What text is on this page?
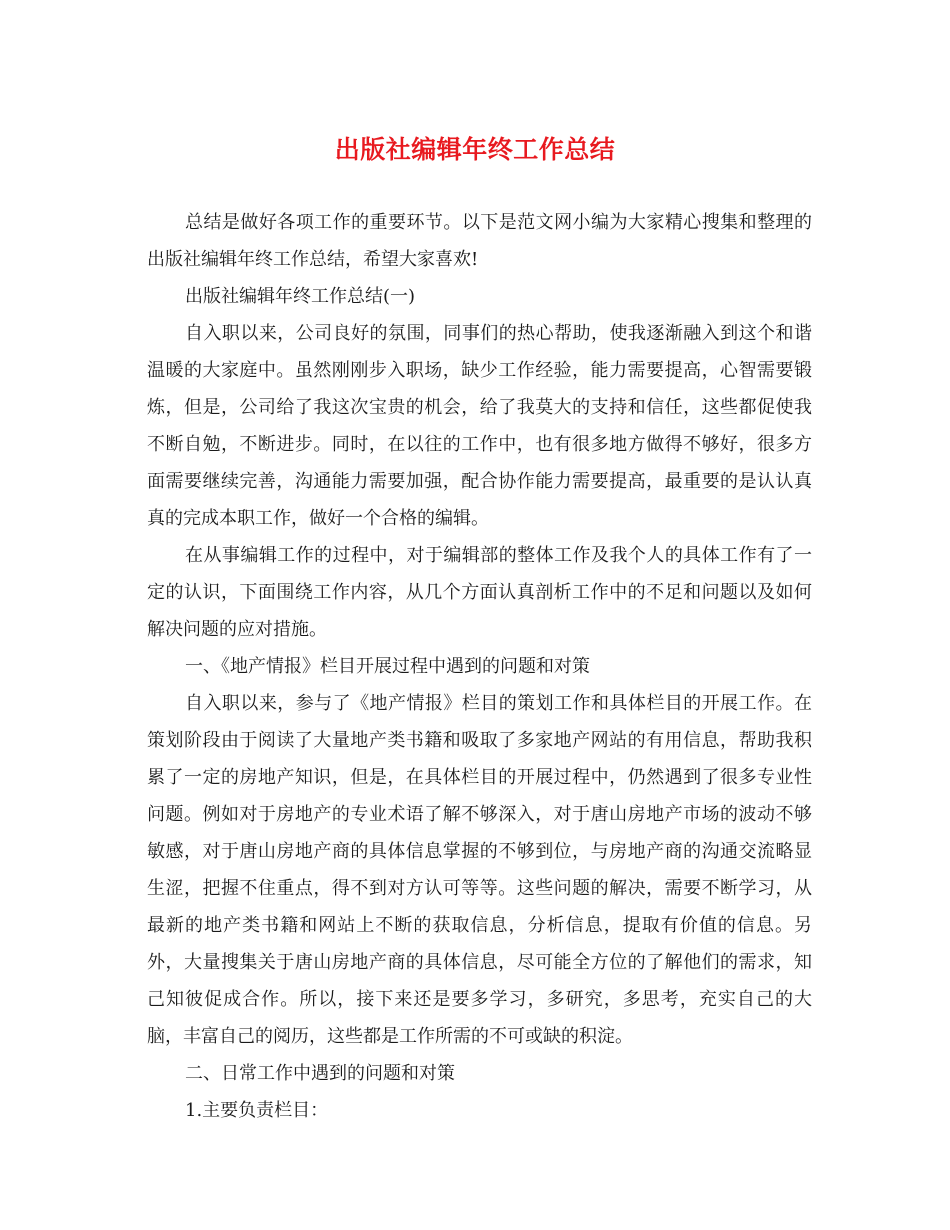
出版社编辑年终工作总结

总结是做好各项工作的重要环节。以下是范文网小编为大家精心搜集和整理的出版社编辑年终工作总结，希望大家喜欢!

出版社编辑年终工作总结(一)

自入职以来，公司良好的氛围，同事们的热心帮助，使我逐渐融入到这个和谐温暖的大家庭中。虽然刚刚步入职场，缺少工作经验，能力需要提高，心智需要锻炼，但是，公司给了我这次宝贵的机会，给了我莫大的支持和信任，这些都促使我不断自勉，不断进步。同时，在以往的工作中，也有很多地方做得不够好，很多方面需要继续完善，沟通能力需要加强，配合协作能力需要提高，最重要的是认认真真的完成本职工作，做好一个合格的编辑。

在从事编辑工作的过程中，对于编辑部的整体工作及我个人的具体工作有了一定的认识，下面围绕工作内容，从几个方面认真剖析工作中的不足和问题以及如何解决问题的应对措施。

一、《地产情报》栏目开展过程中遇到的问题和对策

自入职以来，参与了《地产情报》栏目的策划工作和具体栏目的开展工作。在策划阶段由于阅读了大量地产类书籍和吸取了多家地产网站的有用信息，帮助我积累了一定的房地产知识，但是，在具体栏目的开展过程中，仍然遇到了很多专业性问题。例如对于房地产的专业术语了解不够深入，对于唐山房地产市场的波动不够敏感，对于唐山房地产商的具体信息掌握的不够到位，与房地产商的沟通交流略显生涩，把握不住重点，得不到对方认可等等。这些问题的解决，需要不断学习，从最新的地产类书籍和网站上不断的获取信息，分析信息，提取有价值的信息。另外，大量搜集关于唐山房地产商的具体信息，尽可能全方位的了解他们的需求，知己知彼促成合作。所以，接下来还是要多学习，多研究，多思考，充实自己的大脑，丰富自己的阅历，这些都是工作所需的不可或缺的积淀。

二、日常工作中遇到的问题和对策

1.主要负责栏目：
